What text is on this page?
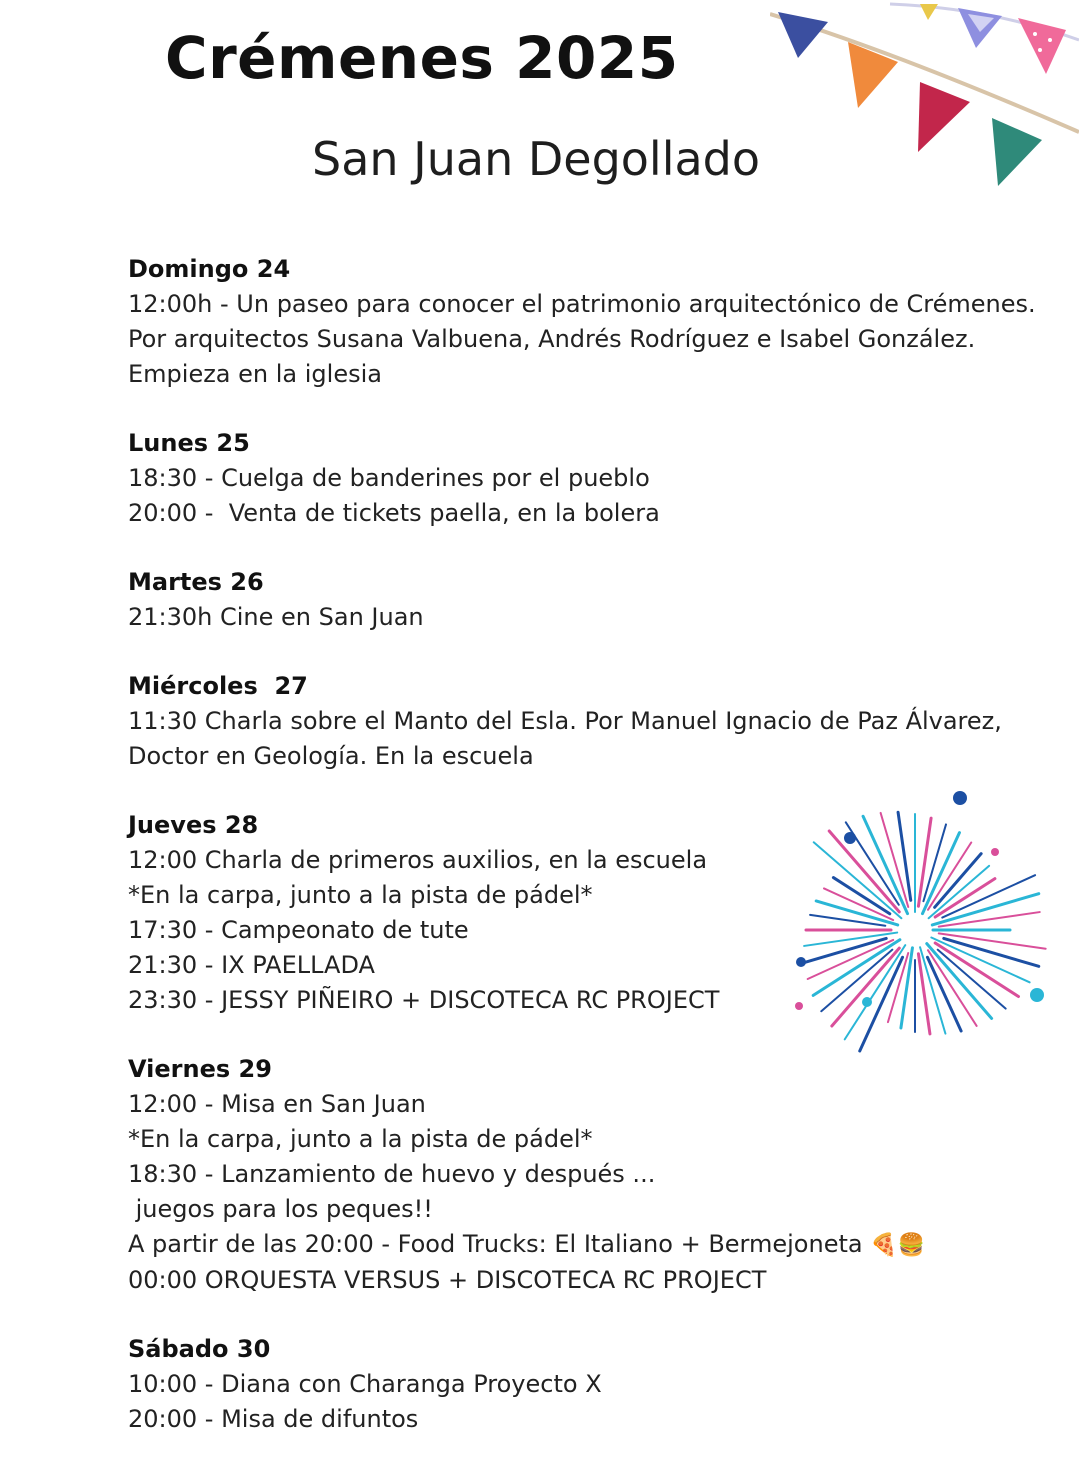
Crémenes 2025
San Juan Degollado
Domingo 24
12:00h - Un paseo para conocer el patrimonio arquitectónico de Crémenes.
Por arquitectos Susana Valbuena, Andrés Rodríguez e Isabel González.
Empieza en la iglesia
Lunes 25
18:30 - Cuelga de banderines por el pueblo
20:00 -  Venta de tickets paella, en la bolera
Martes 26
21:30h Cine en San Juan
Miércoles  27
11:30 Charla sobre el Manto del Esla. Por Manuel Ignacio de Paz Álvarez,
Doctor en Geología. En la escuela
Jueves 28
12:00 Charla de primeros auxilios, en la escuela
*En la carpa, junto a la pista de pádel*
17:30 - Campeonato de tute
21:30 - IX PAELLADA
23:30 - JESSY PIÑEIRO + DISCOTECA RC PROJECT
Viernes 29
12:00 - Misa en San Juan
*En la carpa, junto a la pista de pádel*
18:30 - Lanzamiento de huevo y después ...
juegos para los peques!!
A partir de las 20:00 - Food Trucks: El Italiano + Bermejoneta 🍕🍔
00:00 ORQUESTA VERSUS + DISCOTECA RC PROJECT
Sábado 30
10:00 - Diana con Charanga Proyecto X
20:00 - Misa de difuntos
